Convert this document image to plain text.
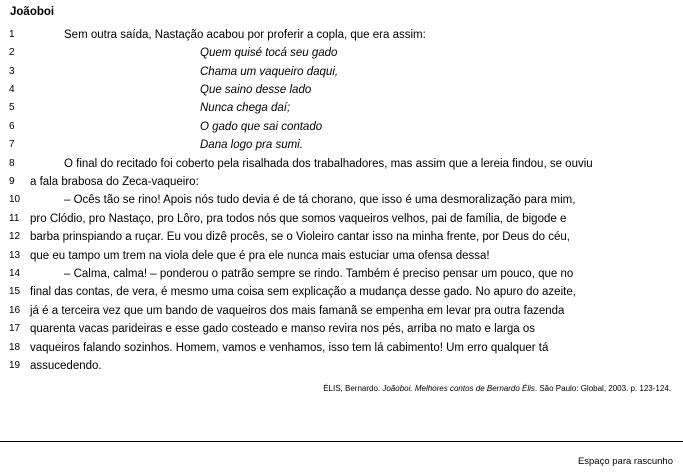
Joãoboi
1	Sem outra saída, Nastação acabou por proferir a copla, que era assim:
2	Quem quisé tocá seu gado
3	Chama um vaqueiro daqui,
4	Que saino desse lado
5	Nunca chega daí;
6	O gado que sai contado
7	Dana logo pra sumi.
8	O final do recitado foi coberto pela risalhada dos trabalhadores, mas assim que a lereia findou, se ouviu
9	a fala brabosa do Zeca-vaqueiro:
10	– Ocês tão se rino! Apois nós tudo devia é de tá chorano, que isso é uma desmoralização para mim,
11 pro Clódio, pro Nastaço, pro Lôro, pra todos nós que somos vaqueiros velhos, pai de família, de bigode e
12 barba prinspiando a ruçar. Eu vou dizê procês, se o Violeiro cantar isso na minha frente, por Deus do céu,
13 que eu tampo um trem na viola dele que é pra ele nunca mais estuciar uma ofensa dessa!
14	– Calma, calma! – ponderou o patrão sempre se rindo. Também é preciso pensar um pouco, que no
15 final das contas, de vera, é mesmo uma coisa sem explicação a mudança desse gado. No apuro do azeite,
16 já é a terceira vez que um bando de vaqueiros dos mais famanã se empenha em levar pra outra fazenda
17 quarenta vacas parideiras e esse gado costeado e manso revira nos pés, arriba no mato e larga os
18 vaqueiros falando sozinhos. Homem, vamos e venhamos, isso tem lá cabimento! Um erro qualquer tá
19 assucedendo.
ÉLIS, Bernardo. Joãoboi. Melhores contos de Bernardo Élis. São Paulo: Global, 2003. p. 123-124.
Espaço para rascunho
